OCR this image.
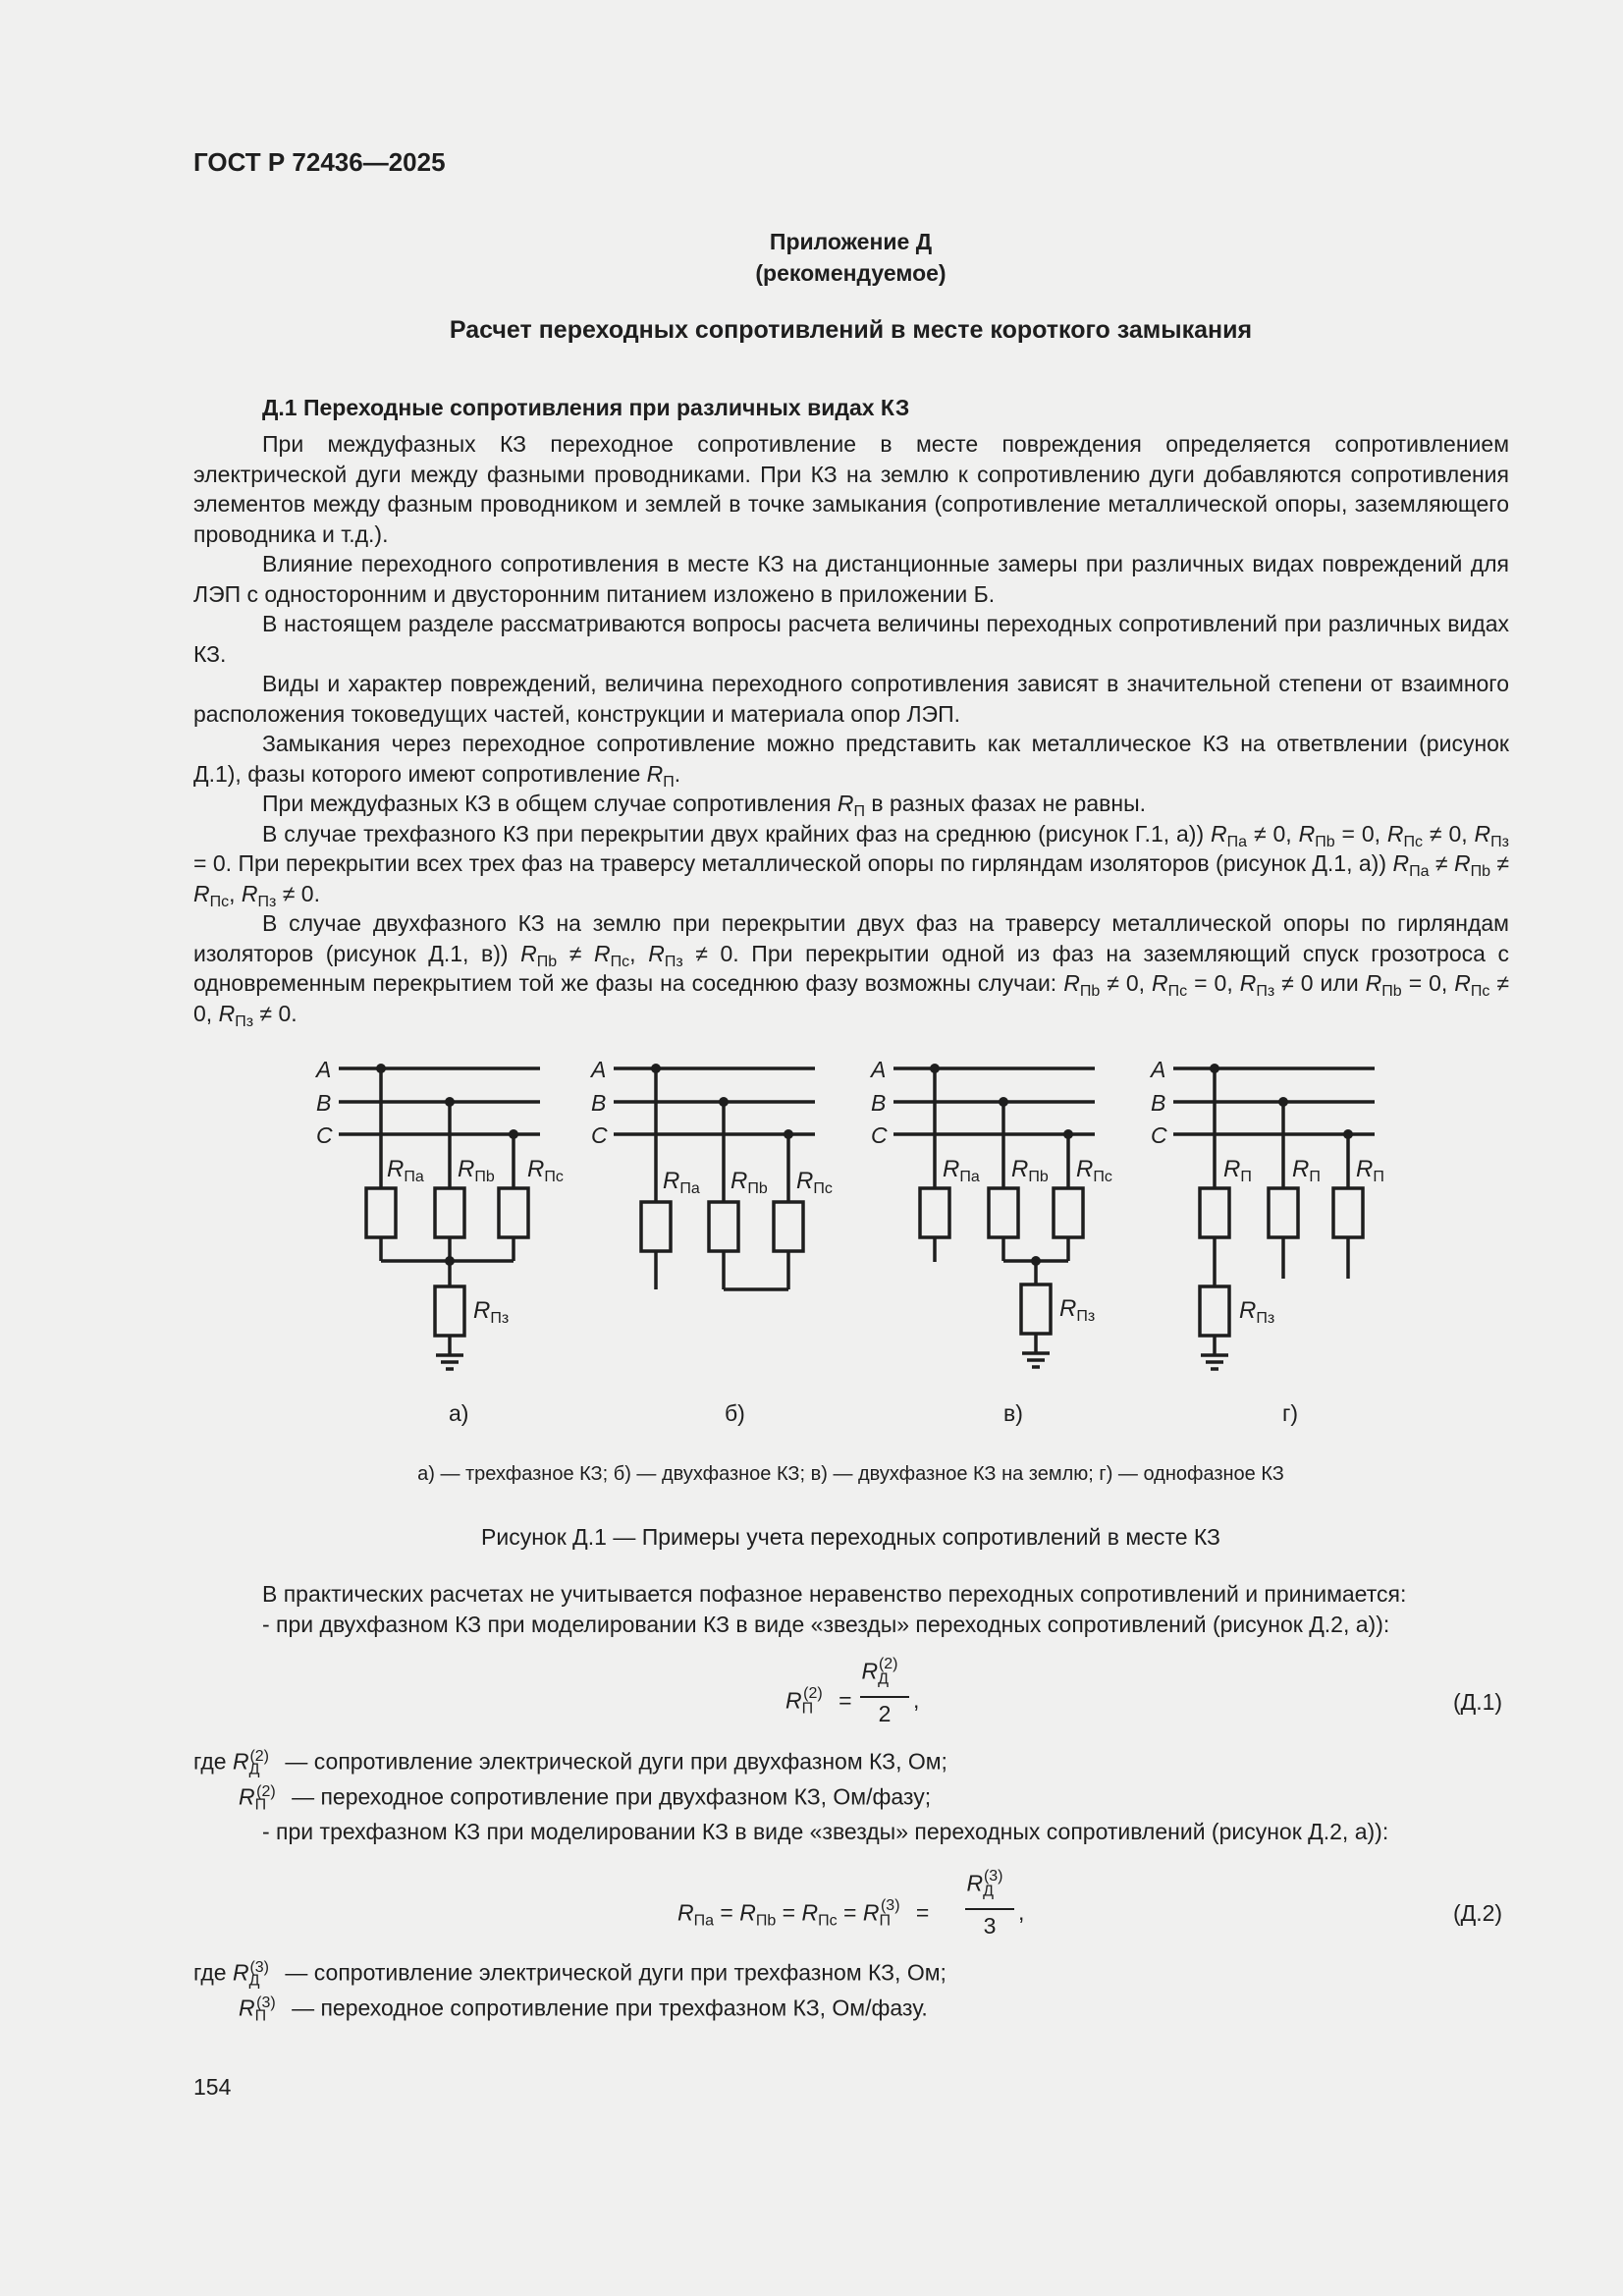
ГОСТ Р 72436—2025
Приложение Д
(рекомендуемое)
Расчет переходных сопротивлений в месте короткого замыкания
Д.1 Переходные сопротивления при различных видах КЗ

При междуфазных КЗ переходное сопротивление в месте повреждения определяется сопротивлением электрической дуги между фазными проводниками. При КЗ на землю к сопротивлению дуги добавляются сопротивления элементов между фазным проводником и землей в точке замыкания (сопротивление металлической опоры, заземляющего проводника и т.д.).

Влияние переходного сопротивления в месте КЗ на дистанционные замеры при различных видах повреждений для ЛЭП с односторонним и двусторонним питанием изложено в приложении Б.

В настоящем разделе рассматриваются вопросы расчета величины переходных сопротивлений при различных видах КЗ.

Виды и характер повреждений, величина переходного сопротивления зависят в значительной степени от взаимного расположения токоведущих частей, конструкции и материала опор ЛЭП.

Замыкания через переходное сопротивление можно представить как металлическое КЗ на ответвлении (рисунок Д.1), фазы которого имеют сопротивление $R_П$.

При междуфазных КЗ в общем случае сопротивления $R_П$ в разных фазах не равны.

В случае трехфазного КЗ при перекрытии двух крайних фаз на среднюю (рисунок Г.1, а)) $R_{Па} \ne 0$, $R_{Пb} = 0$, $R_{Пс} \ne 0$, $R_{Пз} = 0$. При перекрытии всех трех фаз на траверсу металлической опоры по гирляндам изоляторов (рисунок Д.1, а)) $R_{Па} \ne R_{Пb} \ne R_{Пс}$, $R_{Пз} \ne 0$.

В случае двухфазного КЗ на землю при перекрытии двух фаз на траверсу металлической опоры по гирляндам изоляторов (рисунок Д.1, в)) $R_{Пb} \ne R_{Пс}$, $R_{Пз} \ne 0$. При перекрытии одной из фаз на заземляющий спуск грозотроса с одновременным перекрытием той же фазы на соседнюю фазу возможны случаи: $R_{Пb} \ne 0$, $R_{Пс} = 0$, $R_{Пз} \ne 0$ или $R_{Пb} = 0$, $R_{Пс} \ne 0$, $R_{Пз} \ne 0$.

A
B
C
A
B
C
A
B
C
A
B
C
$R_{Па}$ $R_{Пb}$ $R_{Пс}$
$R_{Пз}$
$R_{Па}$ $R_{Пb}$ $R_{Пс}$
$R_{Па}$ $R_{Пb}$ $R_{Пс}$
$R_{Пз}$
$R_П$ $R_П$ $R_П$
$R_{Пз}$
а)	б)	в)	г)
а) — трехфазное КЗ; б) — двухфазное КЗ; в) — двухфазное КЗ на землю; г) — однофазное КЗ
Рисунок Д.1 — Примеры учета переходных сопротивлений в месте КЗ

В практических расчетах не учитывается пофазное неравенство переходных сопротивлений и принимается:

- при двухфазном КЗ при моделировании КЗ в виде «звезды» переходных сопротивлений (рисунок Д.2, а)):

$R_П^{(2)}$ =
$R_Д^{(2)}$
2
,	(Д.1)
где $R_Д^{(2)}$ — сопротивление электрической дуги при двухфазном КЗ, Ом;
$R_П^{(2)}$ — переходное сопротивление при двухфазном КЗ, Ом/фазу;
- при трехфазном КЗ при моделировании КЗ в виде «звезды» переходных сопротивлений (рисунок Д.2, а)):
$R_{Па} = R_{Пb} = R_{Пс} = R_П^{(3)}$ =
$R_Д^{(3)}$
3
,	(Д.2)
где $R_Д^{(3)}$ — сопротивление электрической дуги при трехфазном КЗ, Ом;
$R_П^{(3)}$ — переходное сопротивление при трехфазном КЗ, Ом/фазу.
154
